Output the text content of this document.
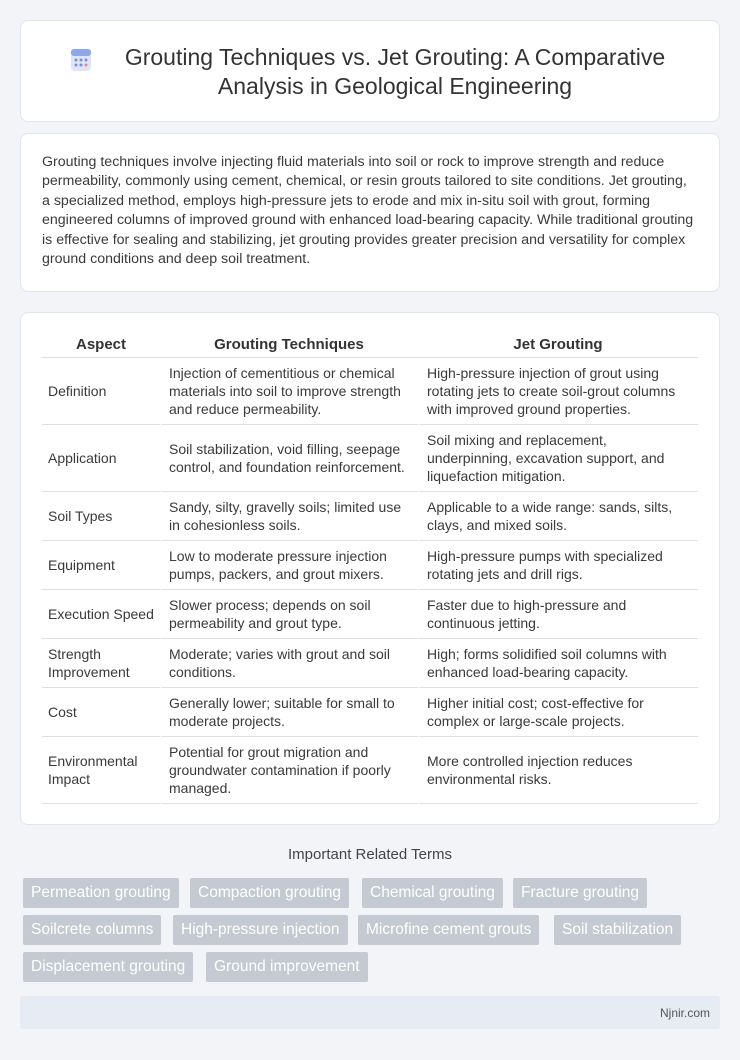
Grouting Techniques vs. Jet Grouting: A Comparative Analysis in Geological Engineering

Grouting techniques involve injecting fluid materials into soil or rock to improve strength and reduce permeability, commonly using cement, chemical, or resin grouts tailored to site conditions. Jet grouting, a specialized method, employs high-pressure jets to erode and mix in-situ soil with grout, forming engineered columns of improved ground with enhanced load-bearing capacity. While traditional grouting is effective for sealing and stabilizing, jet grouting provides greater precision and versatility for complex ground conditions and deep soil treatment.

Aspect	Grouting Techniques	Jet Grouting
Definition	Injection of cementitious or chemical materials into soil to improve strength and reduce permeability.	High-pressure injection of grout using rotating jets to create soil-grout columns with improved ground properties.
Application	Soil stabilization, void filling, seepage control, and foundation reinforcement.	Soil mixing and replacement, underpinning, excavation support, and liquefaction mitigation.
Soil Types	Sandy, silty, gravelly soils; limited use in cohesionless soils.	Applicable to a wide range: sands, silts, clays, and mixed soils.
Equipment	Low to moderate pressure injection pumps, packers, and grout mixers.	High-pressure pumps with specialized rotating jets and drill rigs.
Execution Speed	Slower process; depends on soil permeability and grout type.	Faster due to high-pressure and continuous jetting.
Strength Improvement	Moderate; varies with grout and soil conditions.	High; forms solidified soil columns with enhanced load-bearing capacity.
Cost	Generally lower; suitable for small to moderate projects.	Higher initial cost; cost-effective for complex or large-scale projects.
Environmental Impact	Potential for grout migration and groundwater contamination if poorly managed.	More controlled injection reduces environmental risks.
Important Related Terms
Permeation grouting	Compaction grouting	Chemical grouting	Fracture grouting
Soilcrete columns	High-pressure injection	Microfine cement grouts	Soil stabilization
Displacement grouting	Ground improvement
Njnir.com
